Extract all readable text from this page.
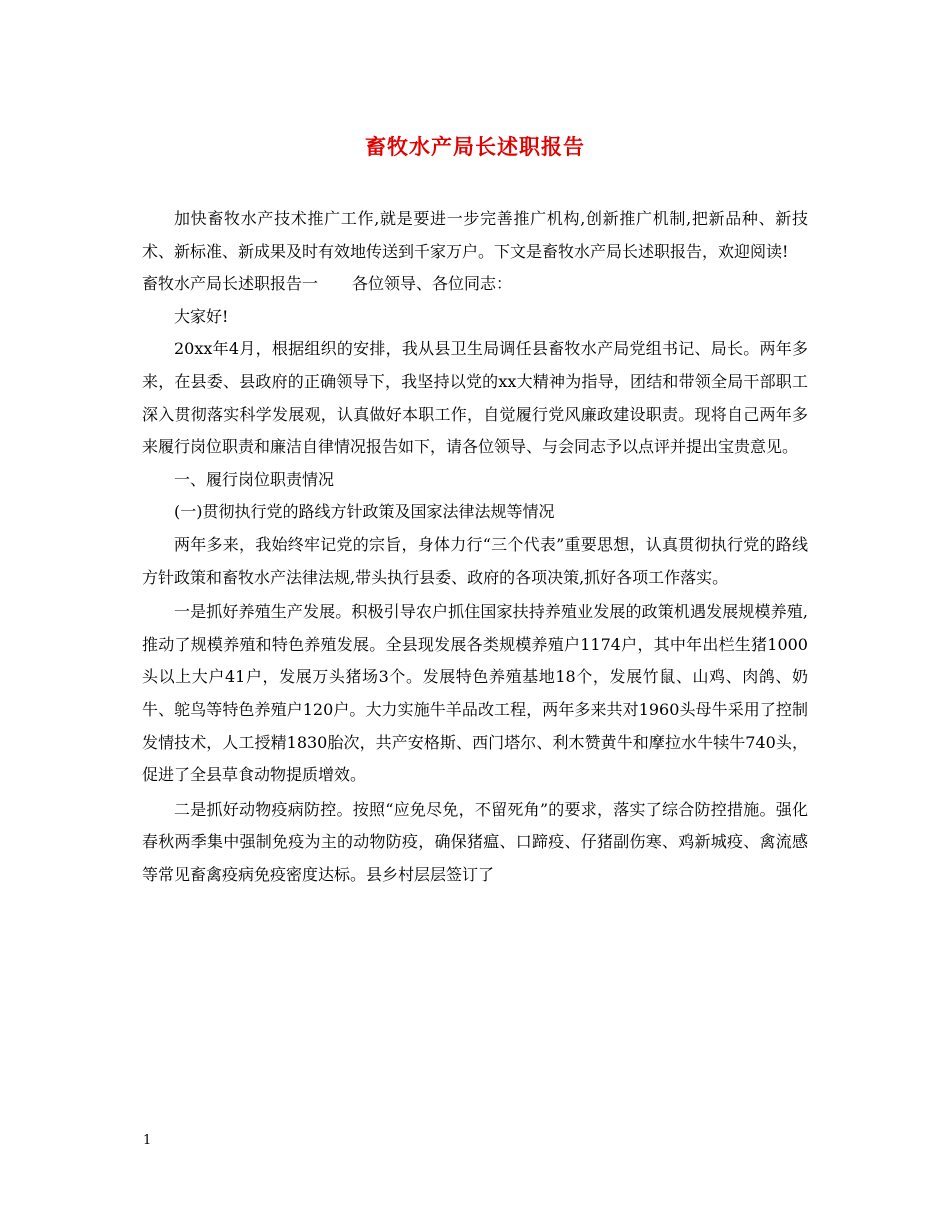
畜牧水产局长述职报告

加快畜牧水产技术推广工作,就是要进一步完善推广机构,创新推广机制,把新品种、新技术、新标准、新成果及时有效地传送到千家万户。下文是畜牧水产局长述职报告，欢迎阅读!

畜牧水产局长述职报告一 各位领导、各位同志：

大家好!

20xx年4月，根据组织的安排，我从县卫生局调任县畜牧水产局党组书记、局长。两年多来，在县委、县政府的正确领导下，我坚持以党的xx大精神为指导，团结和带领全局干部职工深入贯彻落实科学发展观，认真做好本职工作，自觉履行党风廉政建设职责。现将自己两年多来履行岗位职责和廉洁自律情况报告如下，请各位领导、与会同志予以点评并提出宝贵意见。

一、履行岗位职责情况

(一)贯彻执行党的路线方针政策及国家法律法规等情况

两年多来，我始终牢记党的宗旨，身体力行“三个代表”重要思想，认真贯彻执行党的路线方针政策和畜牧水产法律法规,带头执行县委、政府的各项决策,抓好各项工作落实。

一是抓好养殖生产发展。积极引导农户抓住国家扶持养殖业发展的政策机遇发展规模养殖,推动了规模养殖和特色养殖发展。全县现发展各类规模养殖户1174户，其中年出栏生猪1000头以上大户41户，发展万头猪场3个。发展特色养殖基地18个，发展竹鼠、山鸡、肉鸽、奶牛、鸵鸟等特色养殖户120户。大力实施牛羊品改工程，两年多来共对1960头母牛采用了控制发情技术，人工授精1830胎次，共产安格斯、西门塔尔、利木赞黄牛和摩拉水牛犊牛740头，促进了全县草食动物提质增效。

二是抓好动物疫病防控。按照“应免尽免，不留死角”的要求，落实了综合防控措施。强化春秋两季集中强制免疫为主的动物防疫，确保猪瘟、口蹄疫、仔猪副伤寒、鸡新城疫、禽流感等常见畜禽疫病免疫密度达标。县乡村层层签订了

1
